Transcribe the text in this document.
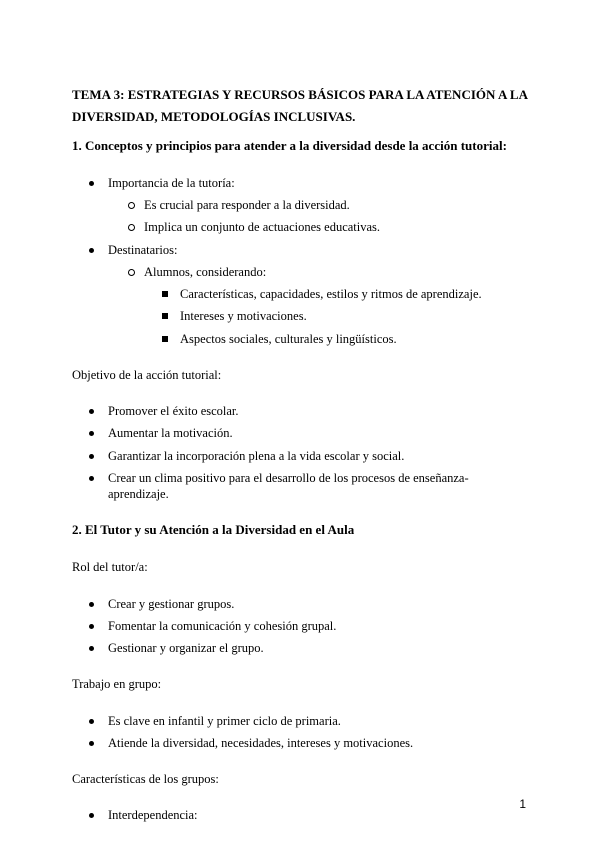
TEMA 3: ESTRATEGIAS Y RECURSOS BÁSICOS PARA LA ATENCIÓN A LA
DIVERSIDAD, METODOLOGÍAS INCLUSIVAS.
1. Conceptos y principios para atender a la diversidad desde la acción tutorial:
Importancia de la tutoría:
Es crucial para responder a la diversidad.
Implica un conjunto de actuaciones educativas.
Destinatarios:
Alumnos, considerando:
Características, capacidades, estilos y ritmos de aprendizaje.
Intereses y motivaciones.
Aspectos sociales, culturales y lingüísticos.
Objetivo de la acción tutorial:
Promover el éxito escolar.
Aumentar la motivación.
Garantizar la incorporación plena a la vida escolar y social.
Crear un clima positivo para el desarrollo de los procesos de enseñanza-aprendizaje.
2. El Tutor y su Atención a la Diversidad en el Aula
Rol del tutor/a:
Crear y gestionar grupos.
Fomentar la comunicación y cohesión grupal.
Gestionar y organizar el grupo.
Trabajo en grupo:
Es clave en infantil y primer ciclo de primaria.
Atiende la diversidad, necesidades, intereses y motivaciones.
Características de los grupos:
Interdependencia:
1
